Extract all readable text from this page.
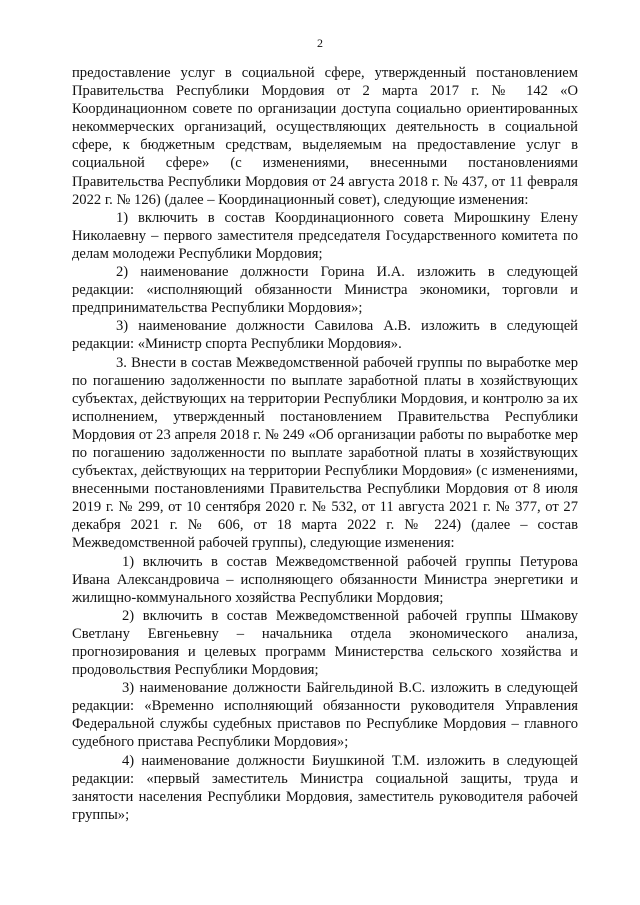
2

предоставление услуг в социальной сфере, утвержденный постановлением Правительства Республики Мордовия от 2 марта 2017 г. № 142 «О Координационном совете по организации доступа социально ориентированных некоммерческих организаций, осуществляющих деятельность в социальной сфере, к бюджетным средствам, выделяемым на предоставление услуг в социальной сфере» (с изменениями, внесенными постановлениями Правительства Республики Мордовия от 24 августа 2018 г. № 437, от 11 февраля 2022 г. № 126) (далее – Координационный совет), следующие изменения:

1) включить в состав Координационного совета Мирошкину Елену Николаевну – первого заместителя председателя Государственного комитета по делам молодежи Республики Мордовия;

2) наименование должности Горина И.А. изложить в следующей редакции: «исполняющий обязанности Министра экономики, торговли и предпринимательства Республики Мордовия»;

3) наименование должности Савилова А.В. изложить в следующей редакции: «Министр спорта Республики Мордовия».

3. Внести в состав Межведомственной рабочей группы по выработке мер по погашению задолженности по выплате заработной платы в хозяйствующих субъектах, действующих на территории Республики Мордовия, и контролю за их исполнением, утвержденный постановлением Правительства Республики Мордовия от 23 апреля 2018 г. № 249 «Об организации работы по выработке мер по погашению задолженности по выплате заработной платы в хозяйствующих субъектах, действующих на территории Республики Мордовия» (с изменениями, внесенными постановлениями Правительства Республики Мордовия от 8 июля 2019 г. № 299, от 10 сентября 2020 г. № 532, от 11 августа 2021 г. № 377, от 27 декабря 2021 г. № 606, от 18 марта 2022 г. № 224) (далее – состав Межведомственной рабочей группы), следующие изменения:

1) включить в состав Межведомственной рабочей группы Петурова Ивана Александровича – исполняющего обязанности Министра энергетики и жилищно-коммунального хозяйства Республики Мордовия;

2) включить в состав Межведомственной рабочей группы Шмакову Светлану Евгеньевну – начальника отдела экономического анализа, прогнозирования и целевых программ Министерства сельского хозяйства и продовольствия Республики Мордовия;

3) наименование должности Байгельдиной В.С. изложить в следующей редакции: «Временно исполняющий обязанности руководителя Управления Федеральной службы судебных приставов по Республике Мордовия – главного судебного пристава Республики Мордовия»;

4) наименование должности Биушкиной Т.М. изложить в следующей редакции: «первый заместитель Министра социальной защиты, труда и занятости населения Республики Мордовия, заместитель руководителя рабочей группы»;
